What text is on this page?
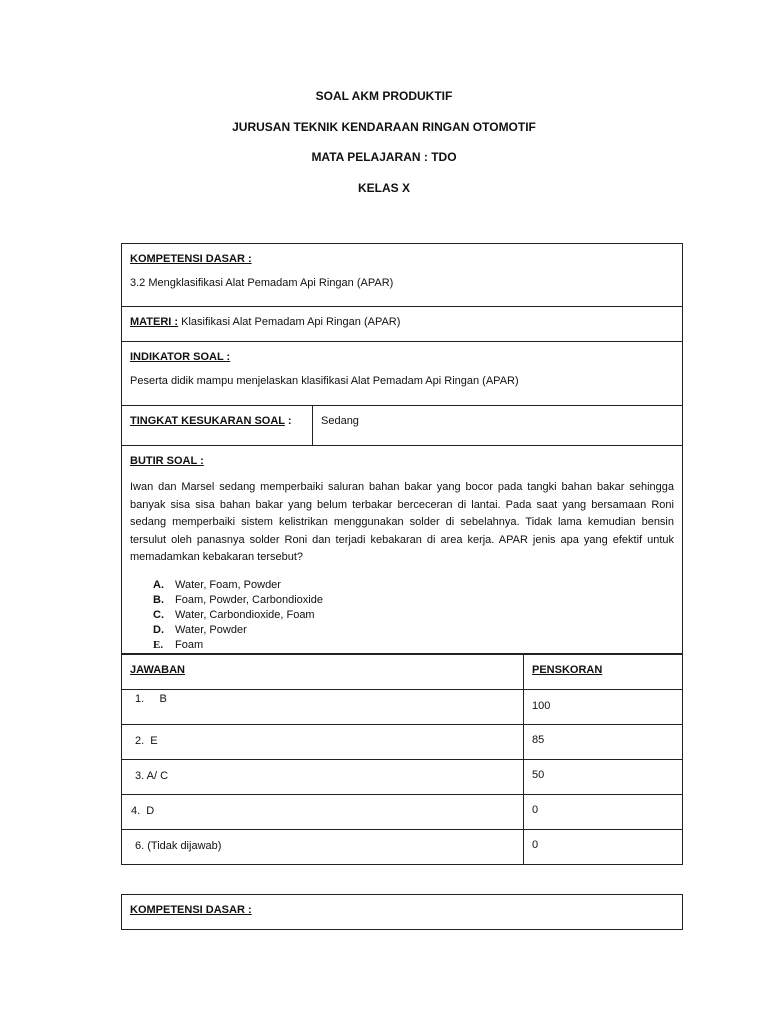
SOAL AKM PRODUKTIF
JURUSAN TEKNIK KENDARAAN RINGAN OTOMOTIF
MATA PELAJARAN : TDO
KELAS X
KOMPETENSI DASAR :
3.2 Mengklasifikasi Alat Pemadam Api Ringan (APAR)

MATERI : Klasifikasi Alat Pemadam Api Ringan (APAR)

INDIKATOR SOAL :
Peserta didik mampu menjelaskan klasifikasi Alat Pemadam Api Ringan (APAR)

TINGKAT KESUKARAN SOAL :	Sedang

BUTIR SOAL :

Iwan dan Marsel sedang memperbaiki saluran bahan bakar yang bocor pada tangki bahan bakar sehingga banyak sisa sisa bahan bakar yang belum terbakar berceceran di lantai. Pada saat yang bersamaan Roni sedang memperbaiki sistem kelistrikan menggunakan solder di sebelahnya. Tidak lama kemudian bensin tersulut oleh panasnya solder Roni dan terjadi kebakaran di area kerja. APAR jenis apa yang efektif untuk memadamkan kebakaran tersebut?

A.	Water, Foam, Powder
B.	Foam, Powder, Carbondioxide
C.	Water, Carbondioxide, Foam
D.	Water, Powder
E.	Foam
JAWABAN	PENSKORAN

1.     B	100

2.  E	85

3. A/ C	50

4.  D	0

6. (Tidak dijawab)	0
KOMPETENSI DASAR :
